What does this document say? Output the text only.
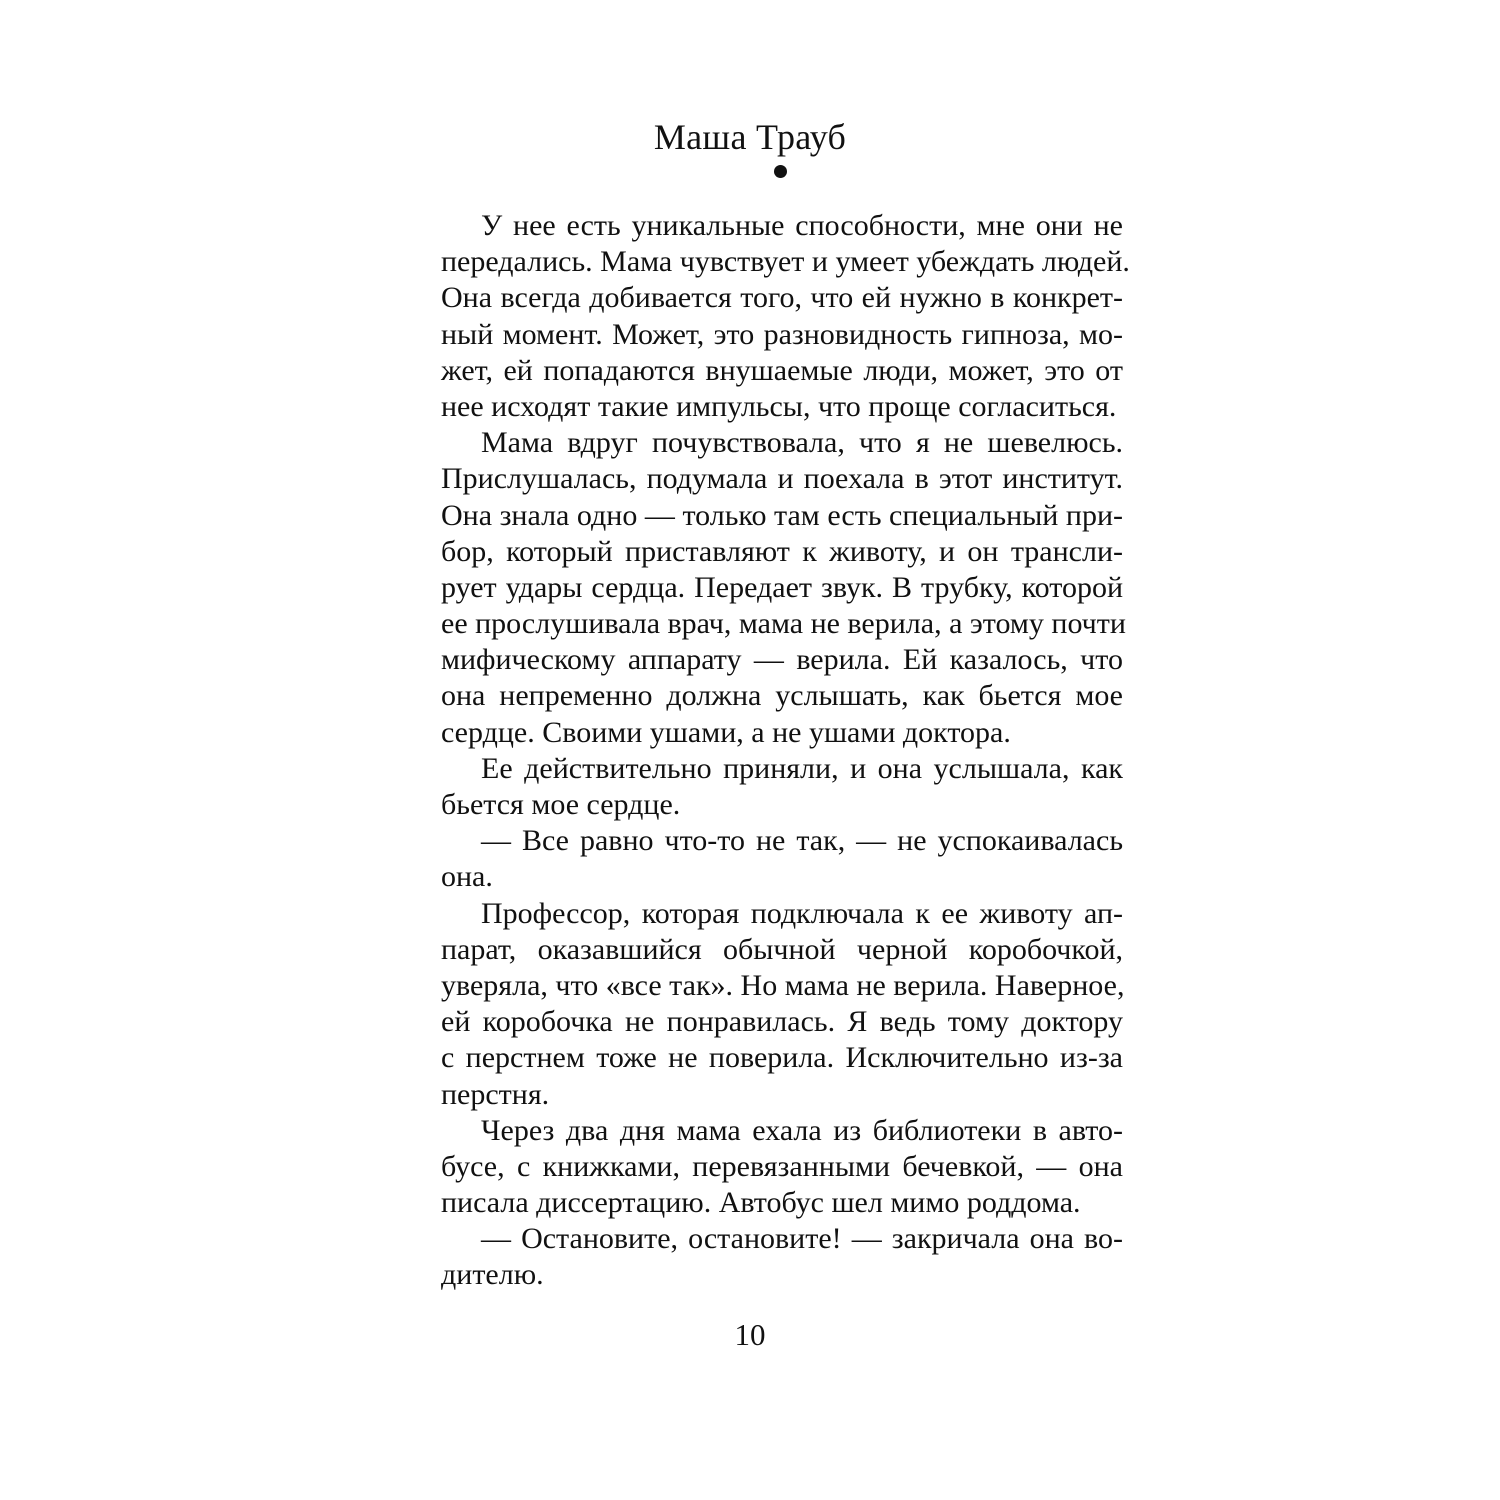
Маша Трауб
У нее есть уникальные способности, мне они не
передались. Мама чувствует и умеет убеждать людей.
Она всегда добивается того, что ей нужно в конкрет-
ный момент. Может, это разновидность гипноза, мо-
жет, ей попадаются внушаемые люди, может, это от
нее исходят такие импульсы, что проще согласиться.
Мама вдруг почувствовала, что я не шевелюсь.
Прислушалась, подумала и поехала в этот институт.
Она знала одно — только там есть специальный при-
бор, который приставляют к животу, и он трансли-
рует удары сердца. Передает звук. В трубку, которой
ее прослушивала врач, мама не верила, а этому почти
мифическому аппарату — верила. Ей казалось, что
она непременно должна услышать, как бьется мое
сердце. Своими ушами, а не ушами доктора.
Ее действительно приняли, и она услышала, как
бьется мое сердце.
— Все равно что-то не так, — не успокаивалась
она.
Профессор, которая подключала к ее животу ап-
парат, оказавшийся обычной черной коробочкой,
уверяла, что «все так». Но мама не верила. Наверное,
ей коробочка не понравилась. Я ведь тому доктору
с перстнем тоже не поверила. Исключительно из-за
перстня.
Через два дня мама ехала из библиотеки в авто-
бусе, с книжками, перевязанными бечевкой, — она
писала диссертацию. Автобус шел мимо роддома.
— Остановите, остановите! — закричала она во-
дителю.
10
